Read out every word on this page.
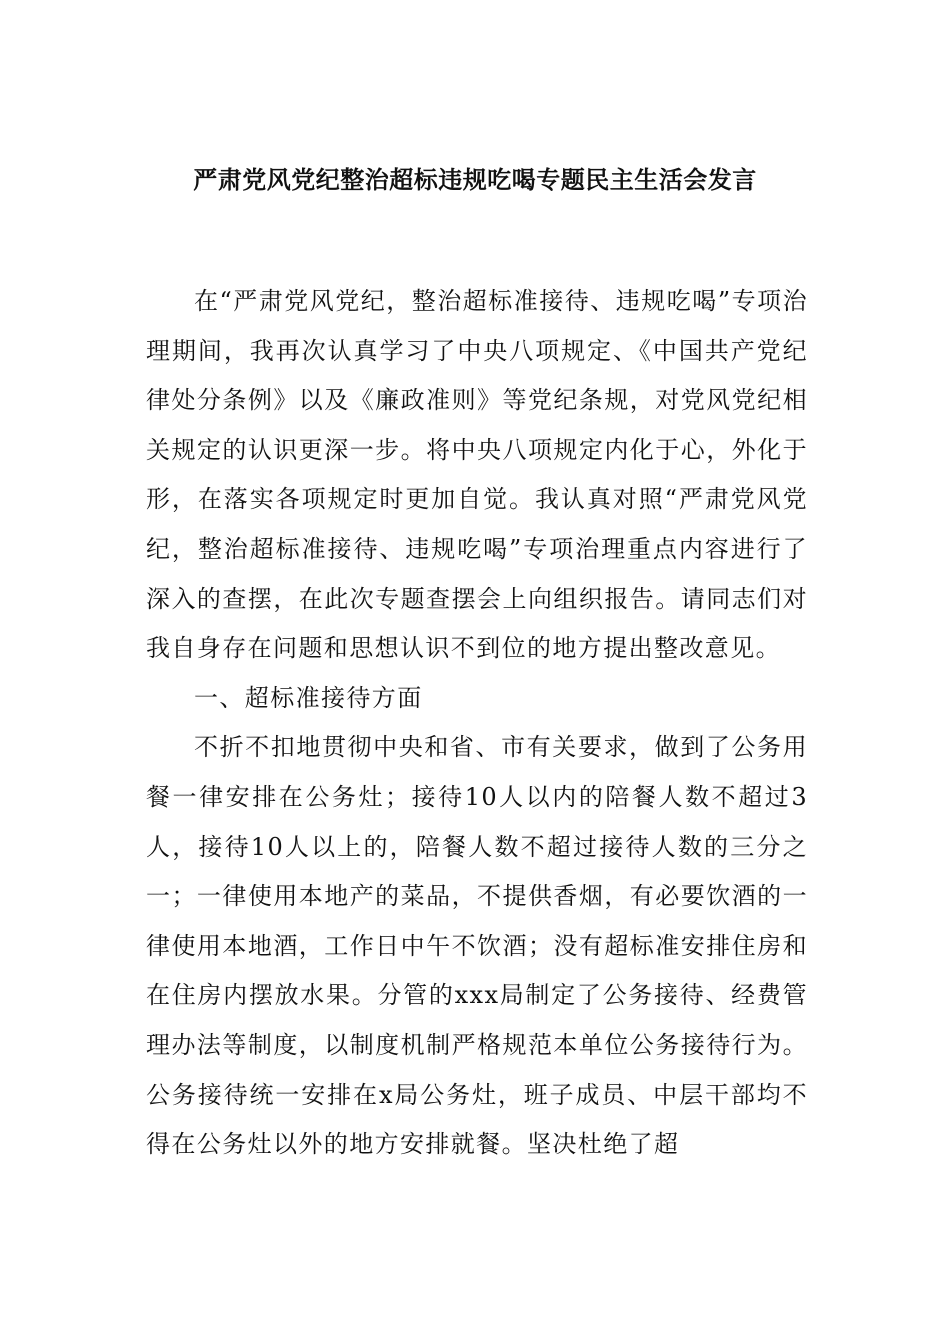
严肃党风党纪整治超标违规吃喝专题民主生活会发言

在“严肃党风党纪，整治超标准接待、违规吃喝”专项治理期间，我再次认真学习了中央八项规定、《中国共产党纪律处分条例》以及《廉政准则》等党纪条规，对党风党纪相关规定的认识更深一步。将中央八项规定内化于心，外化于形，在落实各项规定时更加自觉。我认真对照“严肃党风党纪，整治超标准接待、违规吃喝”专项治理重点内容进行了深入的查摆，在此次专题查摆会上向组织报告。请同志们对我自身存在问题和思想认识不到位的地方提出整改意见。

一、超标准接待方面

不折不扣地贯彻中央和省、市有关要求，做到了公务用餐一律安排在公务灶；接待10人以内的陪餐人数不超过3人，接待10人以上的，陪餐人数不超过接待人数的三分之一；一律使用本地产的菜品，不提供香烟，有必要饮酒的一律使用本地酒，工作日中午不饮酒；没有超标准安排住房和在住房内摆放水果。分管的xxx局制定了公务接待、经费管理办法等制度，以制度机制严格规范本单位公务接待行为。公务接待统一安排在x局公务灶，班子成员、中层干部均不得在公务灶以外的地方安排就餐。坚决杜绝了超
